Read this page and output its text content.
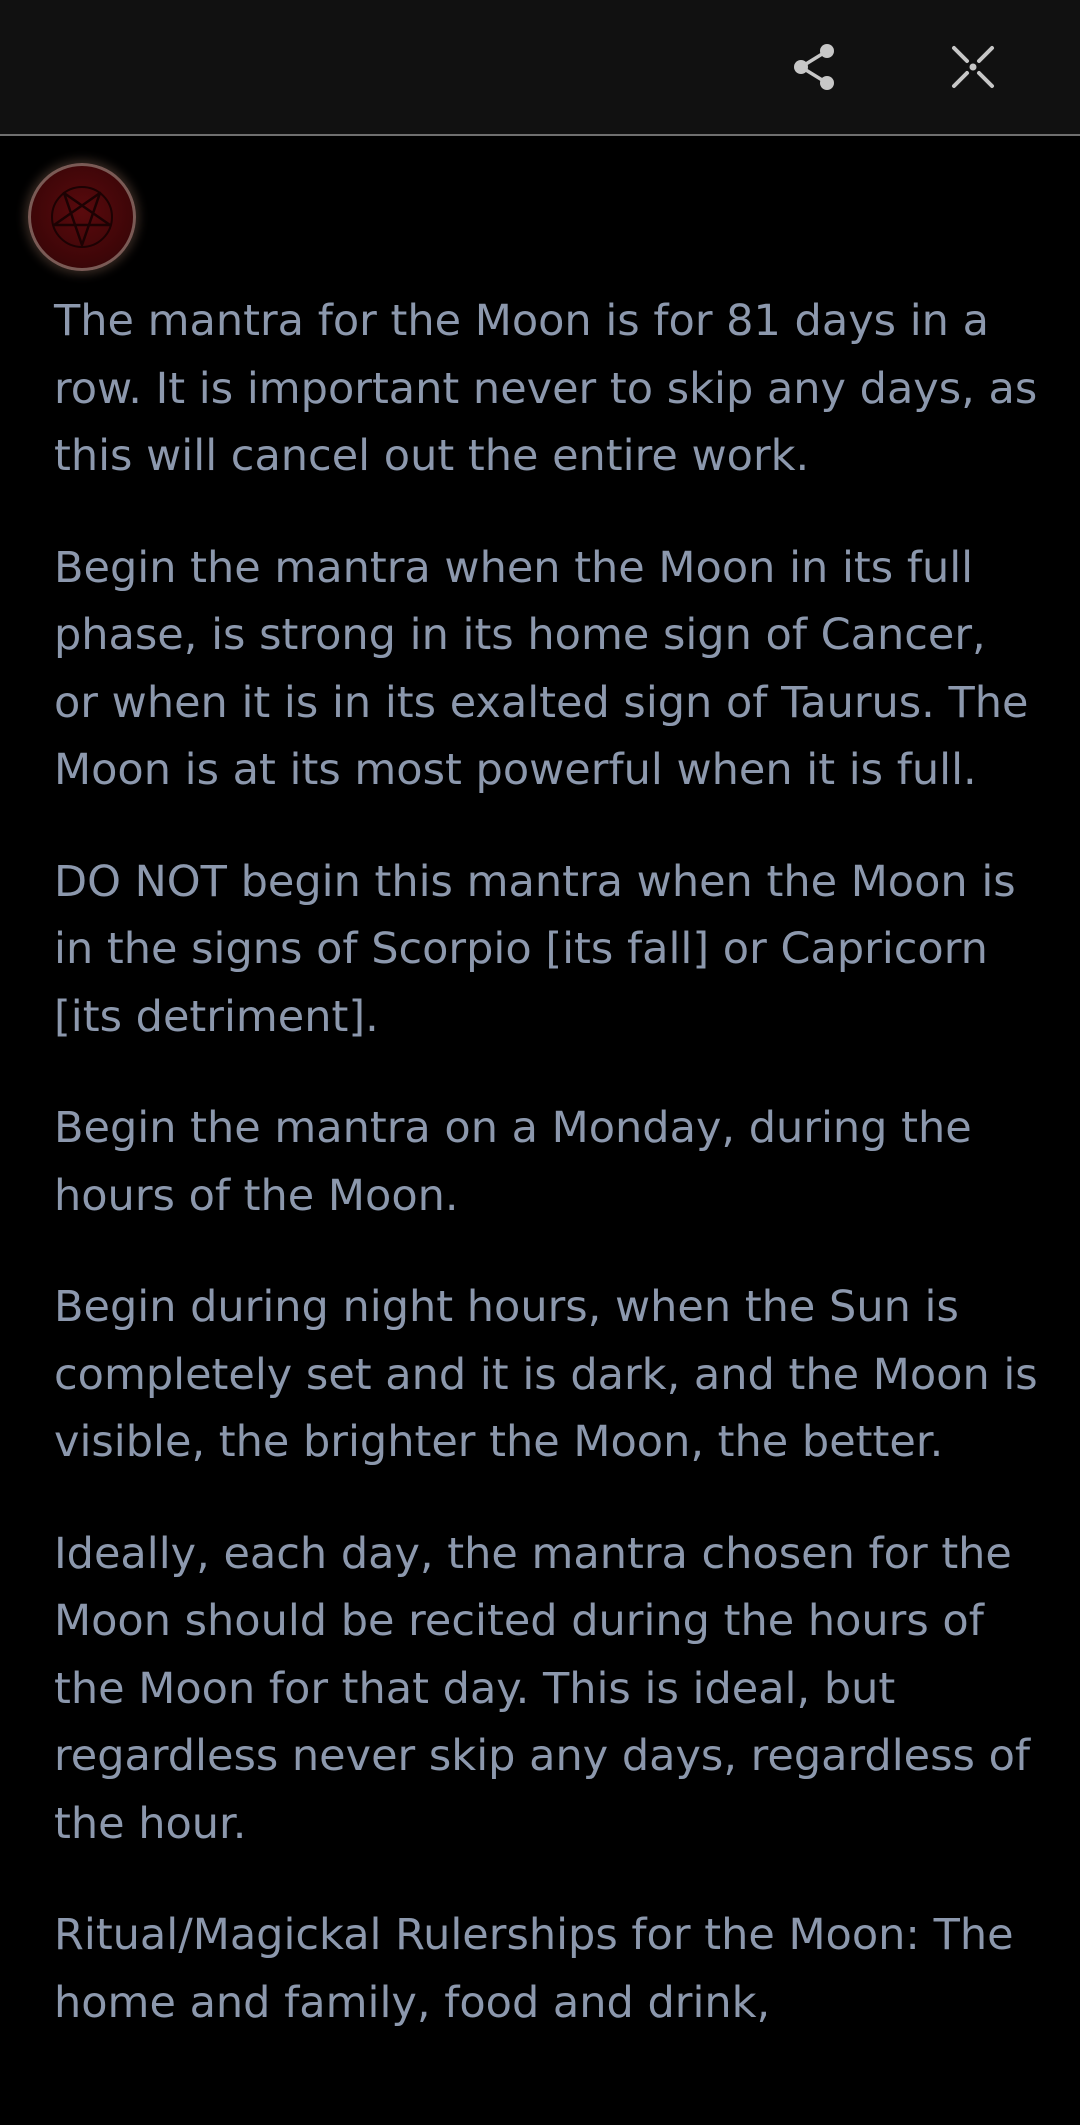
The mantra for the Moon is for 81 days in a row. It is important never to skip any days, as this will cancel out the entire work.

Begin the mantra when the Moon in its full phase, is strong in its home sign of Cancer, or when it is in its exalted sign of Taurus. The Moon is at its most powerful when it is full.

DO NOT begin this mantra when the Moon is in the signs of Scorpio [its fall] or Capricorn [its detriment].

Begin the mantra on a Monday, during the hours of the Moon.

Begin during night hours, when the Sun is completely set and it is dark, and the Moon is visible, the brighter the Moon, the better.

Ideally, each day, the mantra chosen for the Moon should be recited during the hours of the Moon for that day. This is ideal, but regardless never skip any days, regardless of the hour.

Ritual/Magickal Rulerships for the Moon: The home and family, food and drink,
